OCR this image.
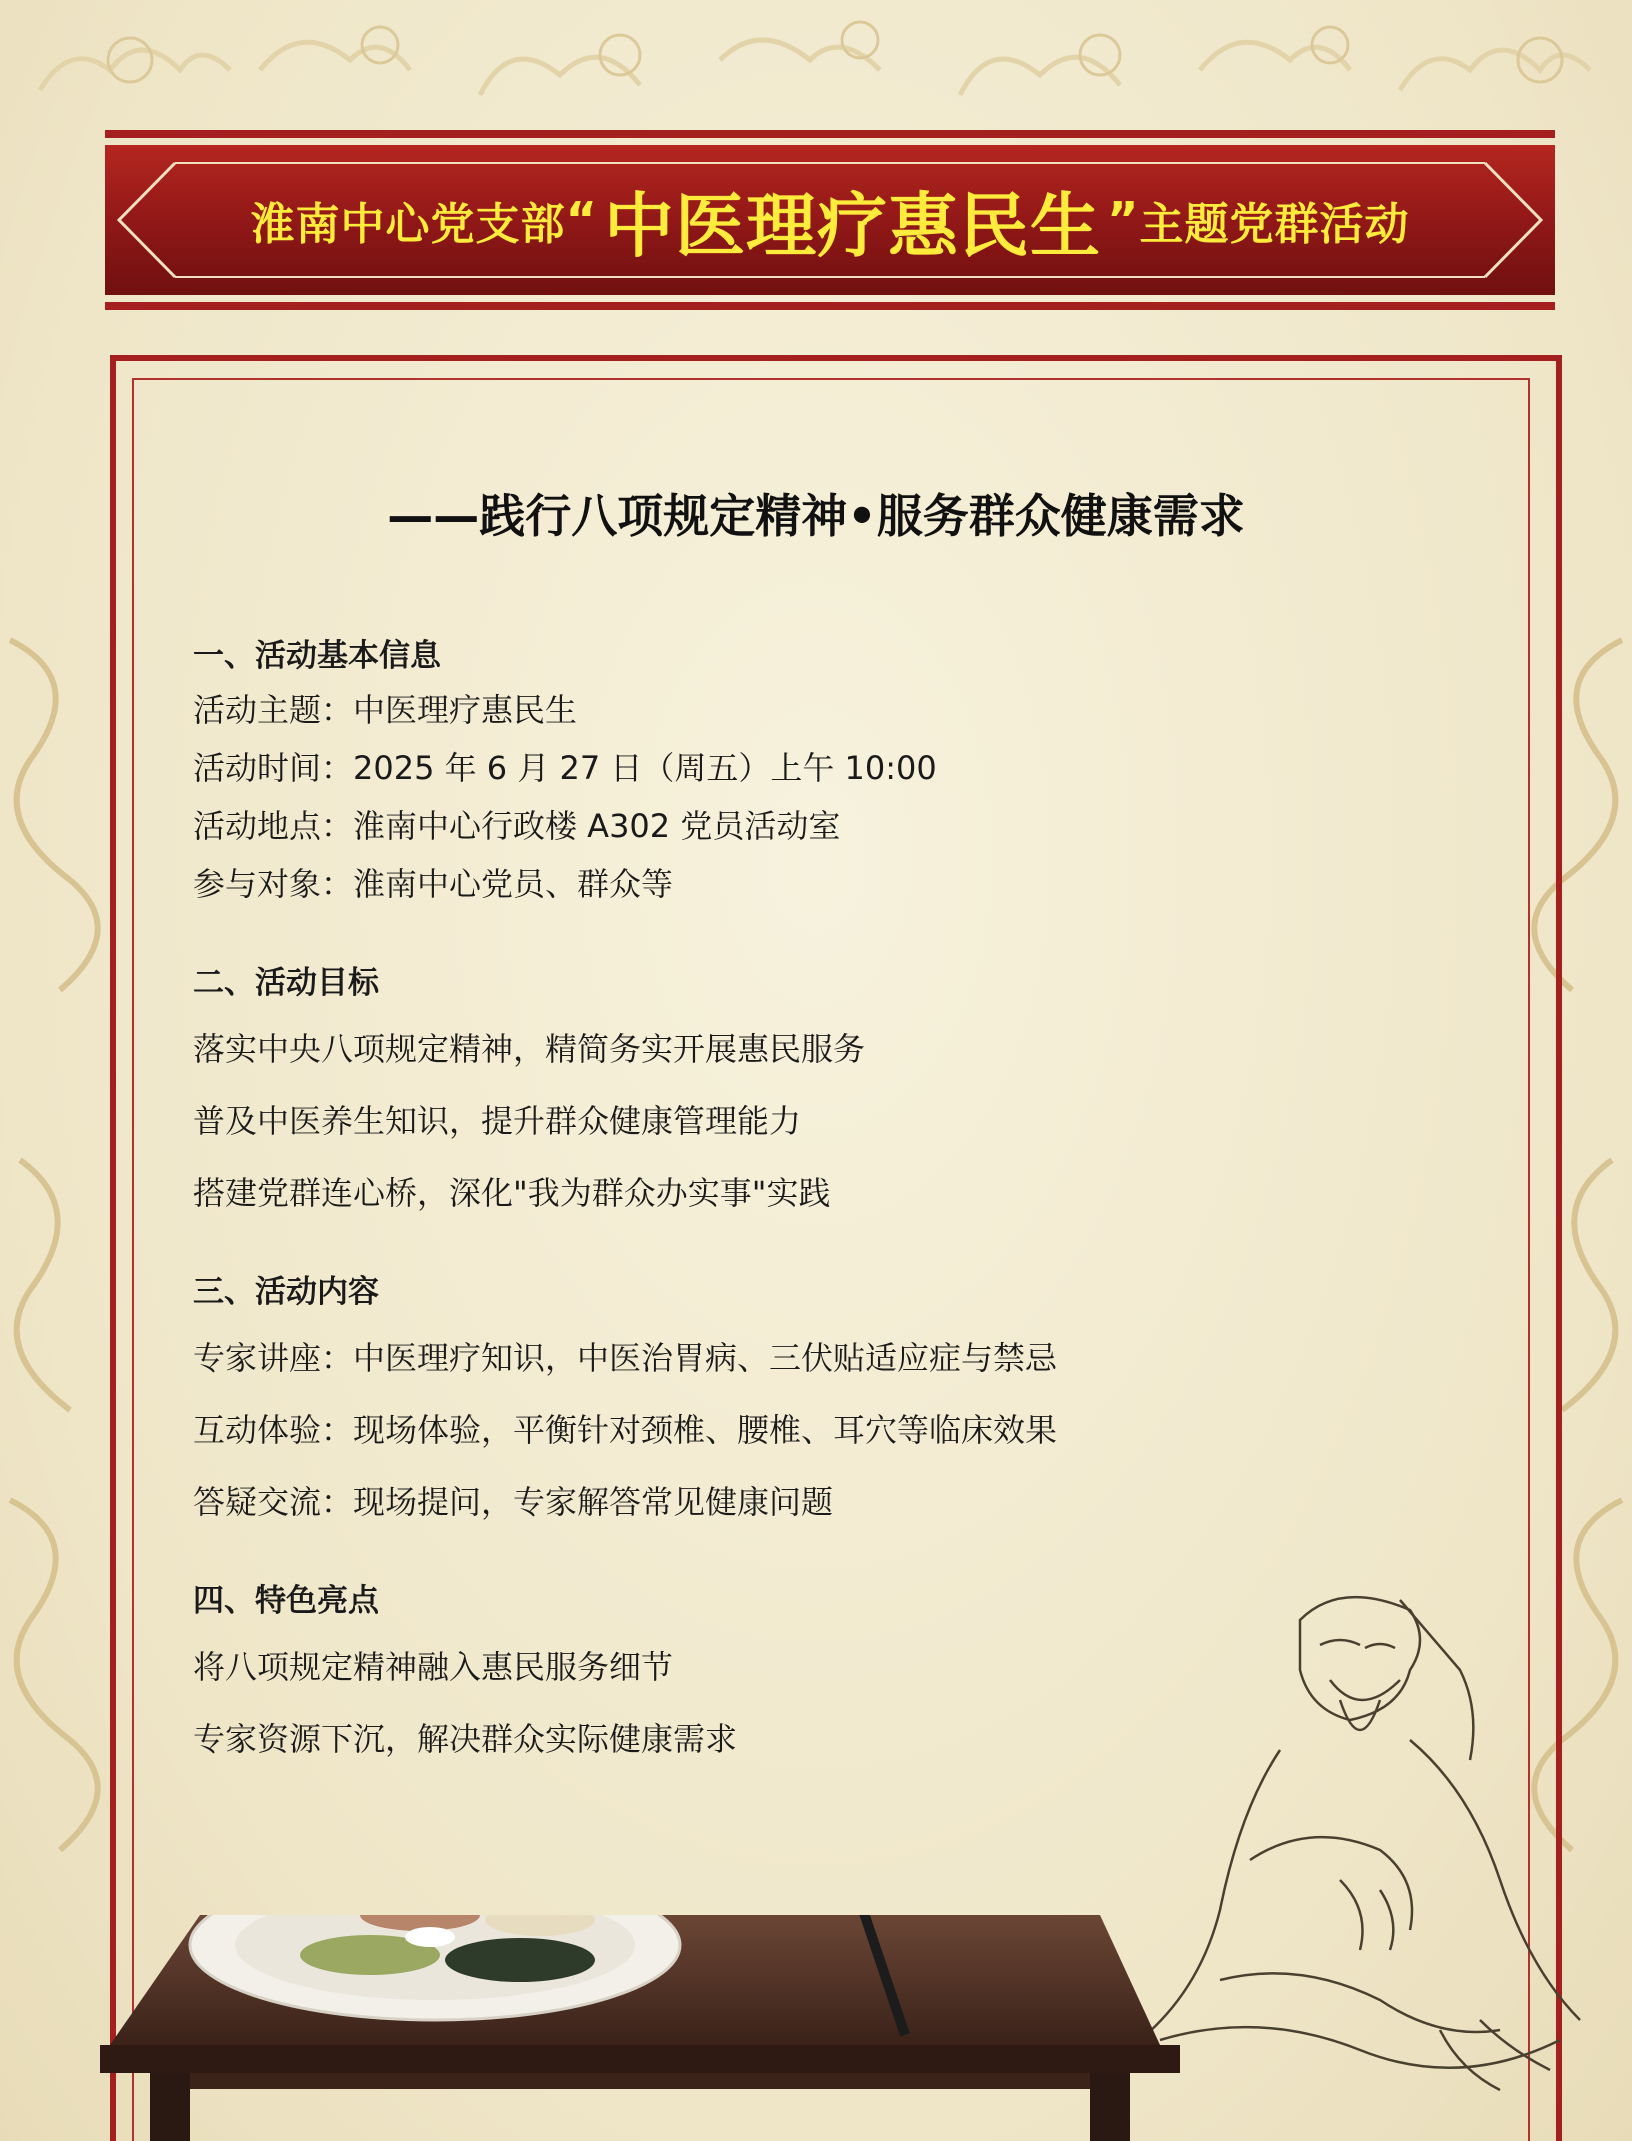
淮南中心党支部 “ 中医理疗惠民生 ” 主题党群活动
——践行八项规定精神•服务群众健康需求

一、活动基本信息

活动主题：中医理疗惠民生

活动时间：2025 年 6 月 27 日（周五）上午 10:00

活动地点：淮南中心行政楼 A302 党员活动室

参与对象：淮南中心党员、群众等

二、活动目标

落实中央八项规定精神，精简务实开展惠民服务

普及中医养生知识，提升群众健康管理能力

搭建党群连心桥，深化"我为群众办实事"实践

三、活动内容

专家讲座：中医理疗知识，中医治胃病、三伏贴适应症与禁忌

互动体验：现场体验，平衡针对颈椎、腰椎、耳穴等临床效果

答疑交流：现场提问，专家解答常见健康问题

四、特色亮点

将八项规定精神融入惠民服务细节

专家资源下沉，解决群众实际健康需求
